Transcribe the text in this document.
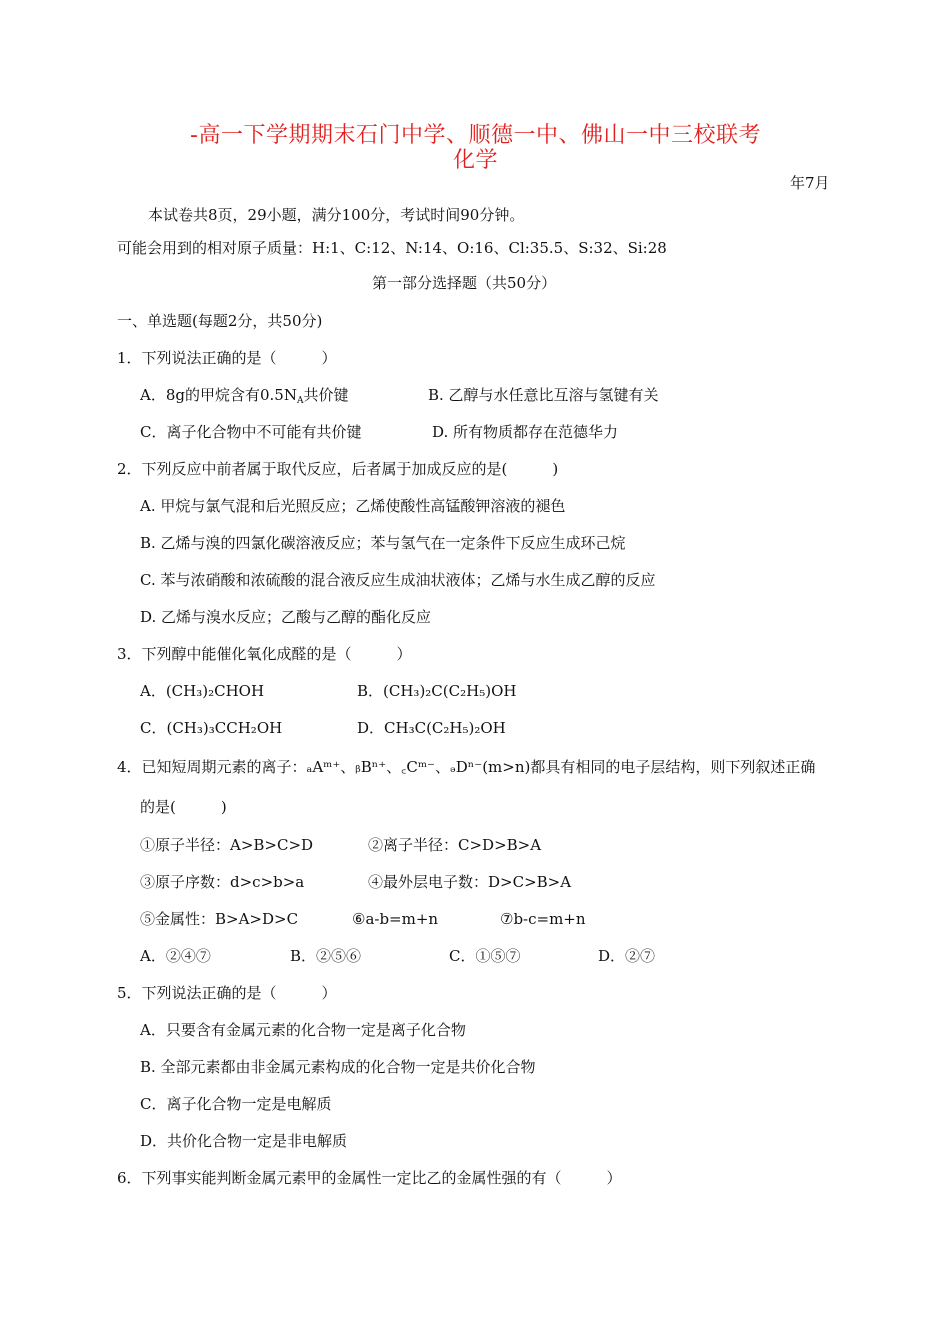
-高一下学期期末石门中学、顺德一中、佛山一中三校联考
化学
年7月
本试卷共8页，29小题，满分100分，考试时间90分钟。
可能会用到的相对原子质量：H:1、C:12、N:14、O:16、Cl:35.5、S:32、Si:28
第一部分选择题（共50分）
一、单选题(每题2分，共50分)
1．下列说法正确的是（　　　）
A．8g的甲烷含有$0.5N_A$共价键	B. 乙醇与水任意比互溶与氢键有关
C．离子化合物中不可能有共价键	D. 所有物质都存在范德华力
2．下列反应中前者属于取代反应，后者属于加成反应的是(　　　)
A. 甲烷与氯气混和后光照反应；乙烯使酸性高锰酸钾溶液的褪色
B. 乙烯与溴的四氯化碳溶液反应；苯与氢气在一定条件下反应生成环己烷
C. 苯与浓硝酸和浓硫酸的混合液反应生成油状液体；乙烯与水生成乙醇的反应
D. 乙烯与溴水反应；乙酸与乙醇的酯化反应
3．下列醇中能催化氧化成醛的是（　　　）
A．(CH₃)₂CHOH	B．(CH₃)₂C(C₂H₅)OH
C．(CH₃)₃CCH₂OH	D．CH₃C(C₂H₅)₂OH
4．已知短周期元素的离子：ₐAᵐ⁺、ᵦBⁿ⁺、꜀Cᵐ⁻、ₔDⁿ⁻(m>n)都具有相同的电子层结构，则下列叙述正确
的是(　　　)
①原子半径：A>B>C>D	②离子半径：C>D>B>A
③原子序数：d>c>b>a	④最外层电子数：D>C>B>A
⑤金属性：B>A>D>C	⑥a-b=m+n	⑦b-c=m+n
A．②④⑦	B．②⑤⑥	C．①⑤⑦	D．②⑦
5．下列说法正确的是（　　　）
A．只要含有金属元素的化合物一定是离子化合物
B. 全部元素都由非金属元素构成的化合物一定是共价化合物
C．离子化合物一定是电解质
D．共价化合物一定是非电解质
6．下列事实能判断金属元素甲的金属性一定比乙的金属性强的有（　　　）
